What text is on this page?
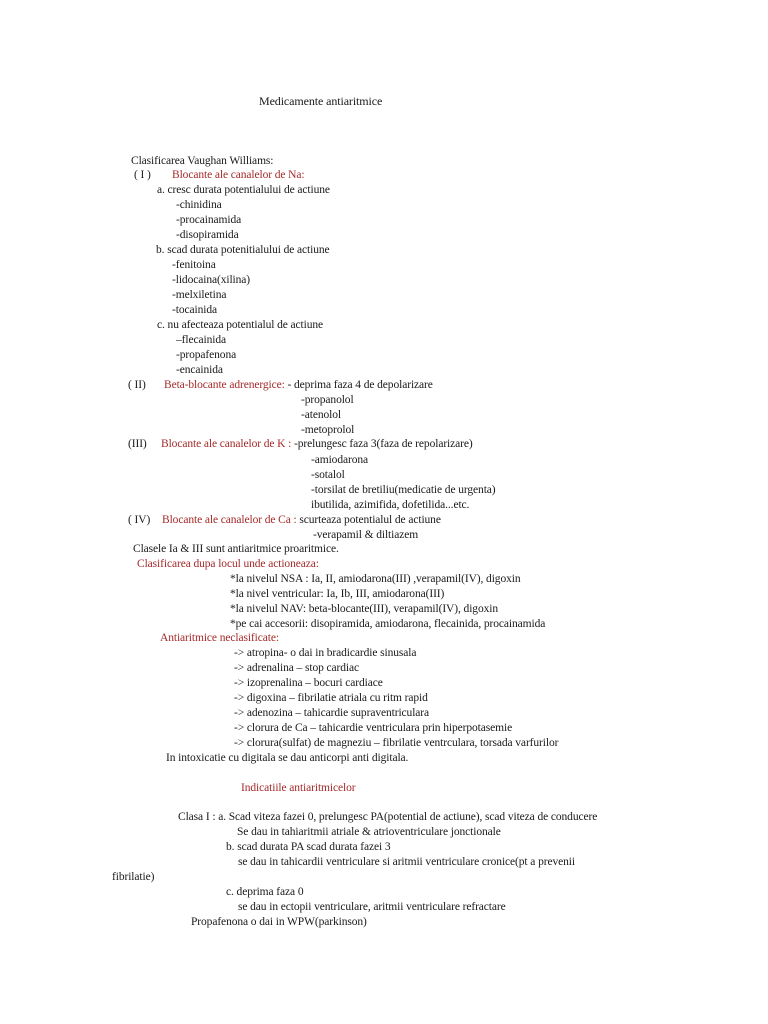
Medicamente antiaritmice
Clasificarea Vaughan Williams:
( I ) Blocante ale canalelor de Na:
a. cresc durata potentialului de actiune
-chinidina
-procainamida
-disopiramida
b. scad durata potenitialului de actiune
-fenitoina
-lidocaina(xilina)
-melxiletina
-tocainida
c. nu afecteaza potentialul de actiune
–flecainida
-propafenona
-encainida
( II) Beta-blocante adrenergice: - deprima faza 4 de depolarizare
-propanolol
-atenolol
-metoprolol
(III) Blocante ale canalelor de K : -prelungesc faza 3(faza de repolarizare)
-amiodarona
-sotalol
-torsilat de bretiliu(medicatie de urgenta)
ibutilida, azimifida, dofetilida...etc.
( IV) Blocante ale canalelor de Ca : scurteaza potentialul de actiune
-verapamil & diltiazem
Clasele Ia & III sunt antiaritmice proaritmice.
Clasificarea dupa locul unde actioneaza:
*la nivelul NSA : Ia, II, amiodarona(III) ,verapamil(IV), digoxin
*la nivel ventricular: Ia, Ib, III, amiodarona(III)
*la nivelul NAV: beta-blocante(III), verapamil(IV), digoxin
*pe cai accesorii: disopiramida, amiodarona, flecainida, procainamida
Antiaritmice neclasificate:
-> atropina- o dai in bradicardie sinusala
-> adrenalina – stop cardiac
-> izoprenalina – bocuri cardiace
-> digoxina – fibrilatie atriala cu ritm rapid
-> adenozina – tahicardie supraventriculara
-> clorura de Ca – tahicardie ventriculara prin hiperpotasemie
-> clorura(sulfat) de magneziu – fibrilatie ventrculara, torsada varfurilor
In intoxicatie cu digitala se dau anticorpi anti digitala.
Indicatiile antiaritmicelor
Clasa I : a. Scad viteza fazei 0, prelungesc PA(potential de actiune), scad viteza de conducere
Se dau in tahiaritmii atriale & atrioventriculare jonctionale
b. scad durata PA scad durata fazei 3
se dau in tahicardii ventriculare si aritmii ventriculare cronice(pt a prevenii
fibrilatie)
c. deprima faza 0
se dau in ectopii ventriculare, aritmii ventriculare refractare
Propafenona o dai in WPW(parkinson)
